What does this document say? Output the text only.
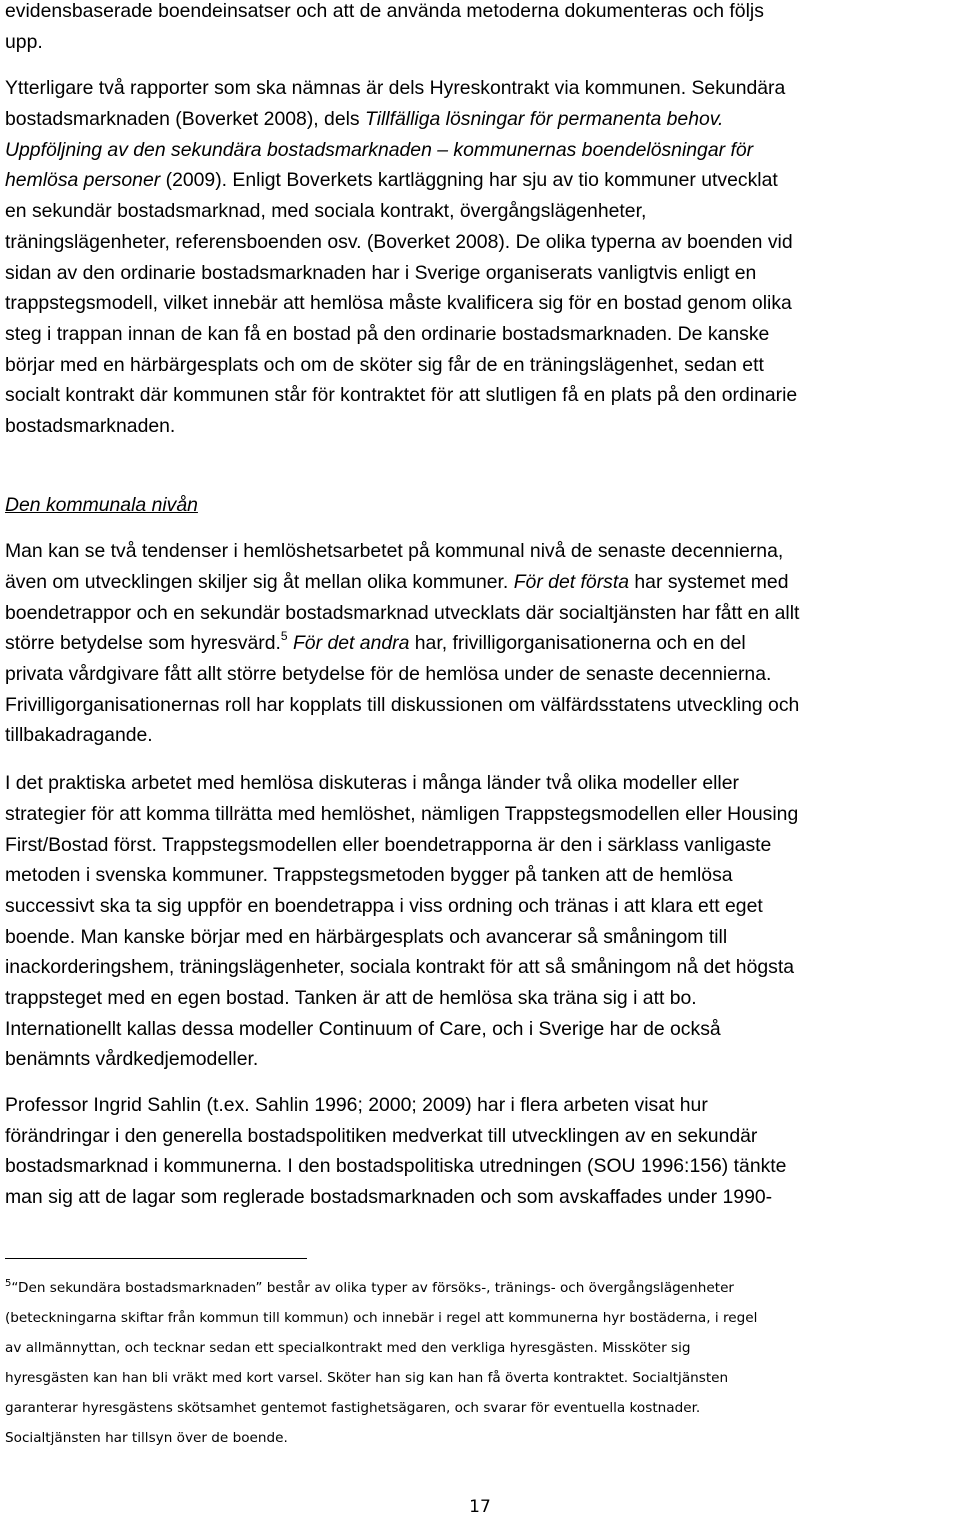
evidensbaserade boendeinsatser och att de använda metoderna dokumenteras och följs
upp.
Ytterligare två rapporter som ska nämnas är dels Hyreskontrakt via kommunen. Sekundära
bostadsmarknaden (Boverket 2008), dels Tillfälliga lösningar för permanenta behov.
Uppföljning av den sekundära bostadsmarknaden – kommunernas boendelösningar för
hemlösa personer (2009). Enligt Boverkets kartläggning har sju av tio kommuner utvecklat
en sekundär bostadsmarknad, med sociala kontrakt, övergångslägenheter,
träningslägenheter, referensboenden osv. (Boverket 2008). De olika typerna av boenden vid
sidan av den ordinarie bostadsmarknaden har i Sverige organiserats vanligtvis enligt en
trappstegsmodell, vilket innebär att hemlösa måste kvalificera sig för en bostad genom olika
steg i trappan innan de kan få en bostad på den ordinarie bostadsmarknaden. De kanske
börjar med en härbärgesplats och om de sköter sig får de en träningslägenhet, sedan ett
socialt kontrakt där kommunen står för kontraktet för att slutligen få en plats på den ordinarie
bostadsmarknaden.
Den kommunala nivån
Man kan se två tendenser i hemlöshetsarbetet på kommunal nivå de senaste decennierna,
även om utvecklingen skiljer sig åt mellan olika kommuner. För det första har systemet med
boendetrappor och en sekundär bostadsmarknad utvecklats där socialtjänsten har fått en allt
större betydelse som hyresvärd.$^5$ För det andra har, frivilligorganisationerna och en del
privata vårdgivare fått allt större betydelse för de hemlösa under de senaste decennierna.
Frivilligorganisationernas roll har kopplats till diskussionen om välfärdsstatens utveckling och
tillbakadragande.
I det praktiska arbetet med hemlösa diskuteras i många länder två olika modeller eller
strategier för att komma tillrätta med hemlöshet, nämligen Trappstegsmodellen eller Housing
First/Bostad först. Trappstegsmodellen eller boendetrapporna är den i särklass vanligaste
metoden i svenska kommuner. Trappstegsmetoden bygger på tanken att de hemlösa
successivt ska ta sig uppför en boendetrappa i viss ordning och tränas i att klara ett eget
boende. Man kanske börjar med en härbärgesplats och avancerar så småningom till
inackorderingshem, träningslägenheter, sociala kontrakt för att så småningom nå det högsta
trappsteget med en egen bostad. Tanken är att de hemlösa ska träna sig i att bo.
Internationellt kallas dessa modeller Continuum of Care, och i Sverige har de också
benämnts vårdkedjemodeller.
Professor Ingrid Sahlin (t.ex. Sahlin 1996; 2000; 2009) har i flera arbeten visat hur
förändringar i den generella bostadspolitiken medverkat till utvecklingen av en sekundär
bostadsmarknad i kommunerna. I den bostadspolitiska utredningen (SOU 1996:156) tänkte
man sig att de lagar som reglerade bostadsmarknaden och som avskaffades under 1990-
$^5$“Den sekundära bostadsmarknaden” består av olika typer av försöks-, tränings- och övergångslägenheter
(beteckningarna skiftar från kommun till kommun) och innebär i regel att kommunerna hyr bostäderna, i regel
av allmännyttan, och tecknar sedan ett specialkontrakt med den verkliga hyresgästen. Missköter sig
hyresgästen kan han bli vräkt med kort varsel. Sköter han sig kan han få överta kontraktet. Socialtjänsten
garanterar hyresgästens skötsamhet gentemot fastighetsägaren, och svarar för eventuella kostnader.
Socialtjänsten har tillsyn över de boende.
17
